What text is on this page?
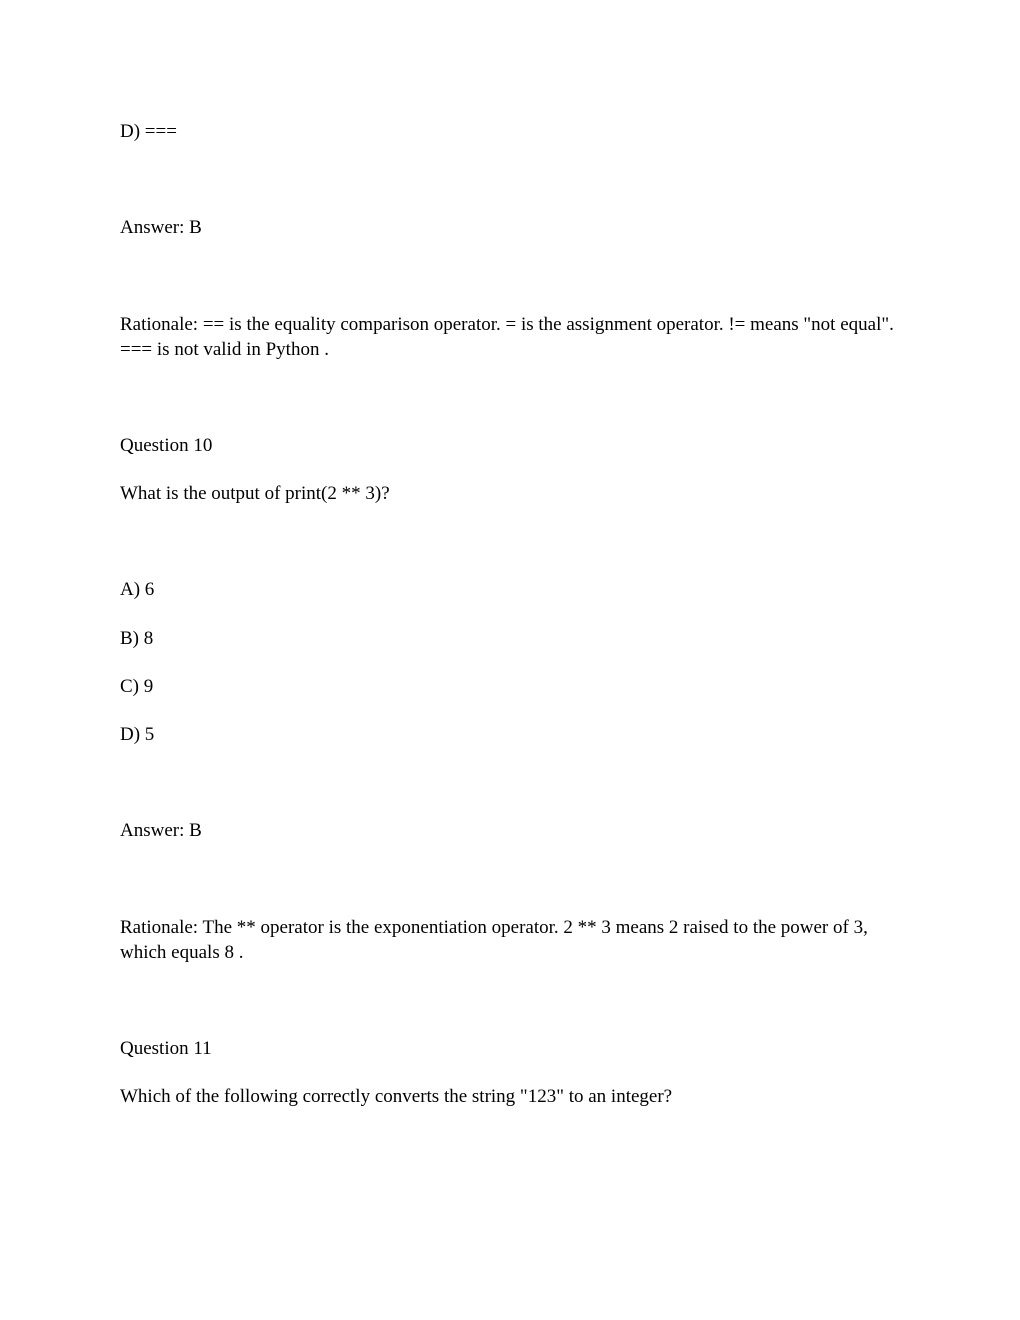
D) ===
Answer: B
Rationale: == is the equality comparison operator. = is the assignment operator. != means "not equal". === is not valid in Python .
Question 10
What is the output of print(2 ** 3)?
A) 6
B) 8
C) 9
D) 5
Answer: B
Rationale: The ** operator is the exponentiation operator. 2 ** 3 means 2 raised to the power of 3, which equals 8 .
Question 11
Which of the following correctly converts the string "123" to an integer?
